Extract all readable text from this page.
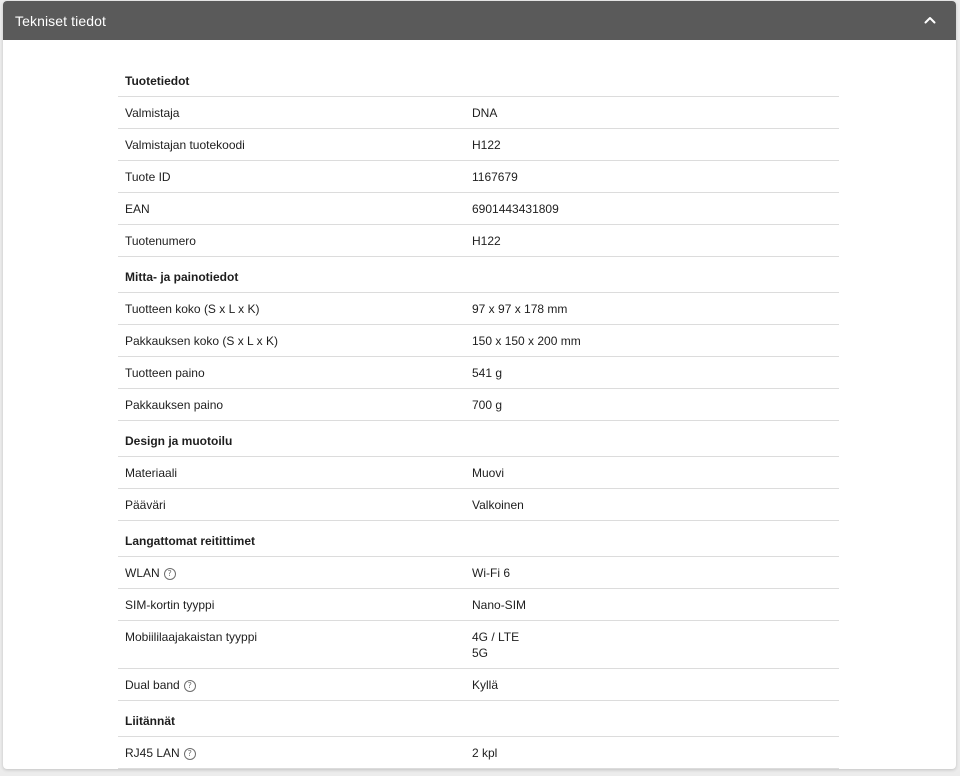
Tekniset tiedot
Tuotetiedot
Valmistaja	DNA
Valmistajan tuotekoodi	H122
Tuote ID	1167679
EAN	6901443431809
Tuotenumero	H122
Mitta- ja painotiedot
Tuotteen koko (S x L x K)	97 x 97 x 178 mm
Pakkauksen koko (S x L x K)	150 x 150 x 200 mm
Tuotteen paino	541 g
Pakkauksen paino	700 g
Design ja muotoilu
Materiaali	Muovi
Pääväri	Valkoinen
Langattomat reitittimet
WLAN ?	Wi-Fi 6
SIM-kortin tyyppi	Nano-SIM
Mobiililaajakaistan tyyppi	4G / LTE
5G
Dual band ?	Kyllä
Liitännät
RJ45 LAN ?	2 kpl
